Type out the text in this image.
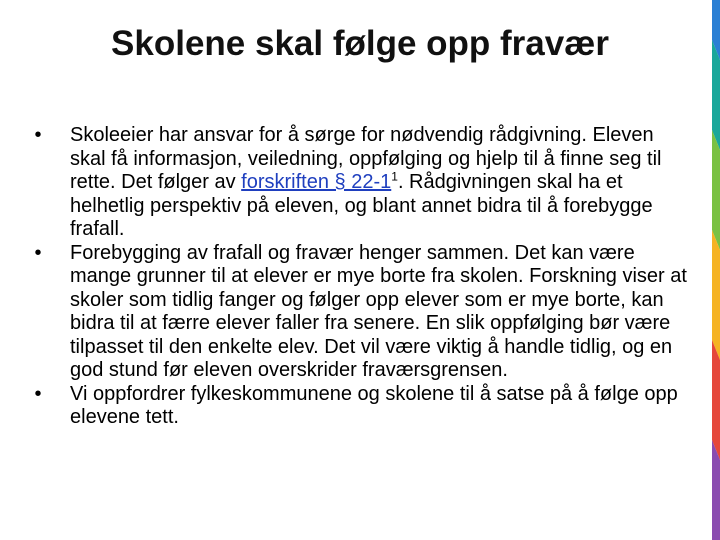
Skolene skal følge opp fravær
•	Skoleeier har ansvar for å sørge for nødvendig rådgivning. Eleven skal få informasjon, veiledning, oppfølging og hjelp til å finne seg til rette. Det følger av forskriften § $22-1^1$. Rådgivningen skal ha et helhetlig perspektiv på eleven, og blant annet bidra til å forebygge frafall.
•	Forebygging av frafall og fravær henger sammen. Det kan være mange grunner til at elever er mye borte fra skolen. Forskning viser at skoler som tidlig fanger og følger opp elever som er mye borte, kan bidra til at færre elever faller fra senere. En slik oppfølging bør være tilpasset til den enkelte elev. Det vil være viktig å handle tidlig, og en god stund før eleven overskrider fraværsgrensen.
•	Vi oppfordrer fylkeskommunene og skolene til å satse på å følge opp elevene tett.
